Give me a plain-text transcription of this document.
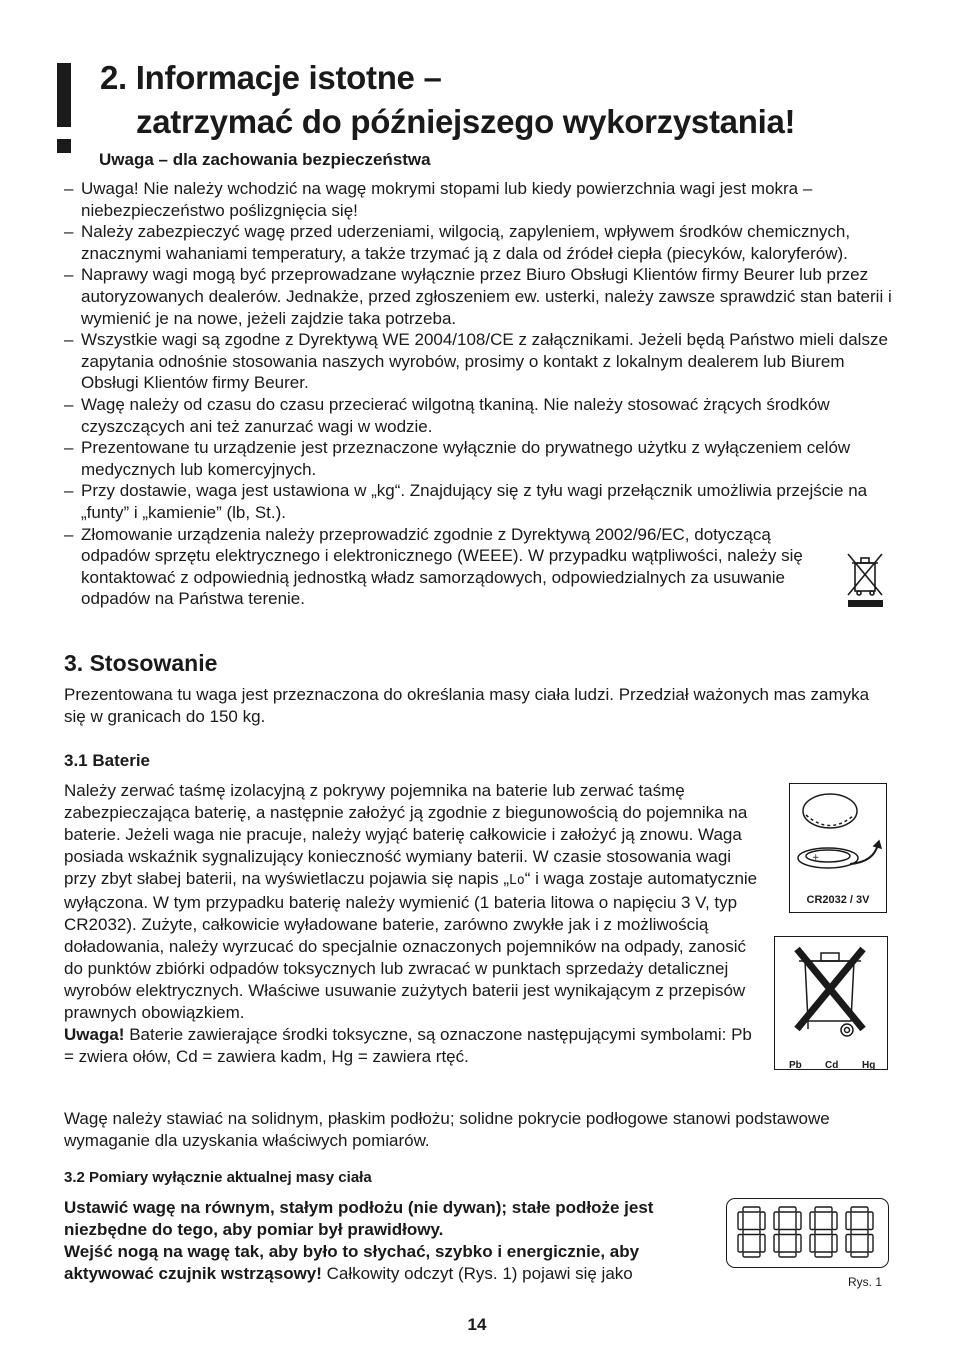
2. Informacje istotne –
zatrzymać do późniejszego wykorzystania!
Uwaga – dla zachowania bezpieczeństwa
– Uwaga! Nie należy wchodzić na wagę mokrymi stopami lub kiedy powierzchnia wagi jest mokra – niebezpieczeństwo poślizgnięcia się!
– Należy zabezpieczyć wagę przed uderzeniami, wilgocią, zapyleniem, wpływem środków chemicznych, znacznymi wahaniami temperatury, a także trzymać ją z dala od źródeł ciepła (piecyków, kaloryferów).
– Naprawy wagi mogą być przeprowadzane wyłącznie przez Biuro Obsługi Klientów firmy Beurer lub przez autoryzowanych dealerów. Jednakże, przed zgłoszeniem ew. usterki, należy zawsze sprawdzić stan baterii i wymienić je na nowe, jeżeli zajdzie taka potrzeba.
– Wszystkie wagi są zgodne z Dyrektywą WE 2004/108/CE z załącznikami. Jeżeli będą Państwo mieli dalsze zapytania odnośnie stosowania naszych wyrobów, prosimy o kontakt z lokalnym dealerem lub Biurem Obsługi Klientów firmy Beurer.
– Wagę należy od czasu do czasu przecierać wilgotną tkaniną. Nie należy stosować żrących środków czyszczących ani też zanurzać wagi w wodzie.
– Prezentowane tu urządzenie jest przeznaczone wyłącznie do prywatnego użytku z wyłączeniem celów medycznych lub komercyjnych.
– Przy dostawie, waga jest ustawiona w „kg“. Znajdujący się z tyłu wagi przełącznik umożliwia przejście na „funty” i „kamienie” (lb, St.).
– Złomowanie urządzenia należy przeprowadzić zgodnie z Dyrektywą 2002/96/EC, dotyczącą odpadów sprzętu elektrycznego i elektronicznego (WEEE). W przypadku wątpliwości, należy się kontaktować z odpowiednią jednostką władz samorządowych, odpowiedzialnych za usuwanie odpadów na Państwa terenie.
3. Stosowanie

Prezentowana tu waga jest przeznaczona do określania masy ciała ludzi. Przedział ważonych mas zamyka się w granicach do 150 kg.

3.1 Baterie

Należy zerwać taśmę izolacyjną z pokrywy pojemnika na baterie lub zerwać taśmę zabezpieczająca baterię, a następnie założyć ją zgodnie z biegunowością do pojemnika na baterie. Jeżeli waga nie pracuje, należy wyjąć baterię całkowicie i założyć ją znowu. Waga posiada wskaźnik sygnalizujący konieczność wymiany baterii. W czasie stosowania wagi przy zbyt słabej baterii, na wyświetlaczu pojawia się napis „Lo“ i waga zostaje automatycznie wyłączona. W tym przypadku baterię należy wymienić (1 bateria litowa o napięciu 3 V, typ CR2032). Zużyte, całkowicie wyładowane baterie, zarówno zwykłe jak i z możliwością doładowania, należy wyrzucać do specjalnie oznaczonych pojemników na odpady, zanosić do punktów zbiórki odpadów toksycznych lub zwracać w punktach sprzedaży detalicznej wyrobów elektrycznych. Właściwe usuwanie zużytych baterii jest wynikającym z przepisów prawnych obowiązkiem.
Uwaga! Baterie zawierające środki toksyczne, są oznaczone następującymi symbolami: Pb = zwiera ołów, Cd = zawiera kadm, Hg = zawiera rtęć.

Wagę należy stawiać na solidnym, płaskim podłożu; solidne pokrycie podłogowe stanowi podstawowe wymaganie dla uzyskania właściwych pomiarów.

+
CR2032 / 3V
Pb Cd Hg
3.2 Pomiary wyłącznie aktualnej masy ciała

Ustawić wagę na równym, stałym podłożu (nie dywan); stałe podłoże jest niezbędne do tego, aby pomiar był prawidłowy.
Wejść nogą na wagę tak, aby było to słychać, szybko i energicznie, aby aktywować czujnik wstrząsowy! Całkowity odczyt (Rys. 1) pojawi się jako	Rys. 1
14
